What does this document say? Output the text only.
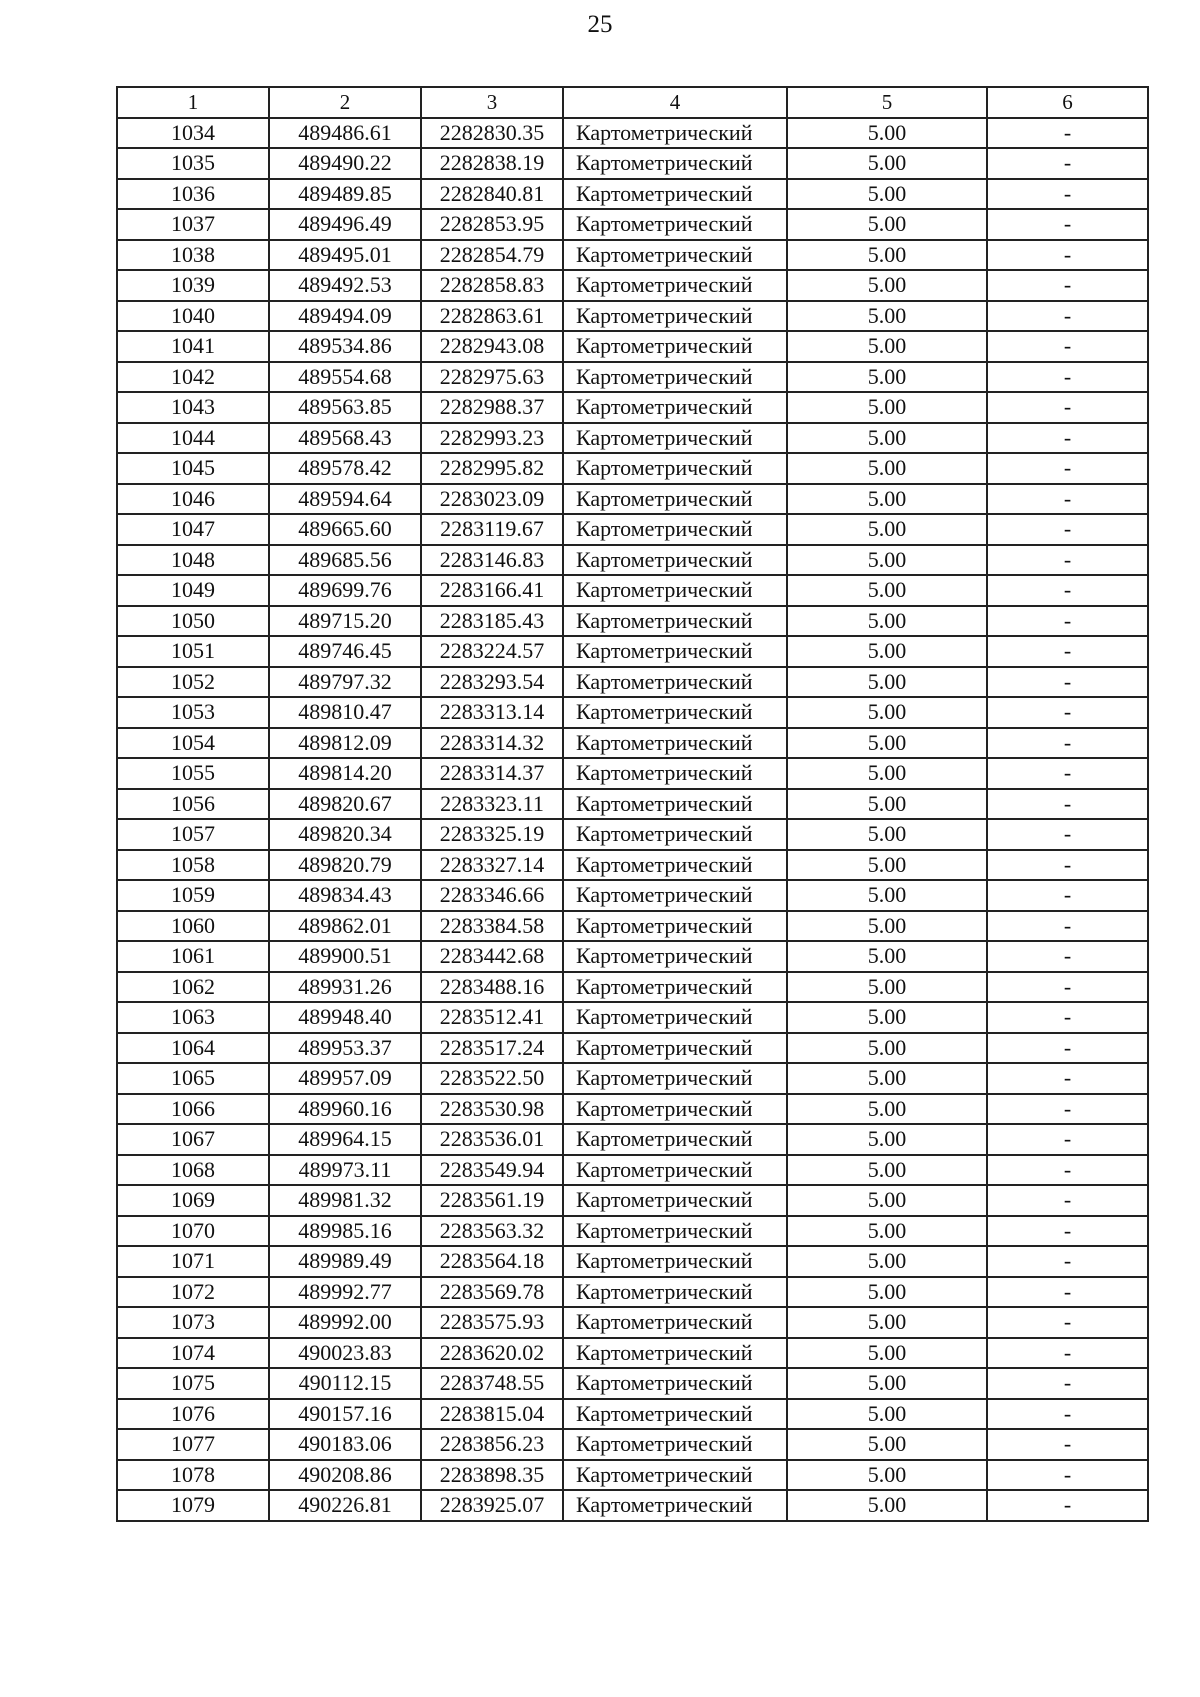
25
1	2	3	4	5	6
1034	489486.61	2282830.35	Картометрический	5.00	-
1035	489490.22	2282838.19	Картометрический	5.00	-
1036	489489.85	2282840.81	Картометрический	5.00	-
1037	489496.49	2282853.95	Картометрический	5.00	-
1038	489495.01	2282854.79	Картометрический	5.00	-
1039	489492.53	2282858.83	Картометрический	5.00	-
1040	489494.09	2282863.61	Картометрический	5.00	-
1041	489534.86	2282943.08	Картометрический	5.00	-
1042	489554.68	2282975.63	Картометрический	5.00	-
1043	489563.85	2282988.37	Картометрический	5.00	-
1044	489568.43	2282993.23	Картометрический	5.00	-
1045	489578.42	2282995.82	Картометрический	5.00	-
1046	489594.64	2283023.09	Картометрический	5.00	-
1047	489665.60	2283119.67	Картометрический	5.00	-
1048	489685.56	2283146.83	Картометрический	5.00	-
1049	489699.76	2283166.41	Картометрический	5.00	-
1050	489715.20	2283185.43	Картометрический	5.00	-
1051	489746.45	2283224.57	Картометрический	5.00	-
1052	489797.32	2283293.54	Картометрический	5.00	-
1053	489810.47	2283313.14	Картометрический	5.00	-
1054	489812.09	2283314.32	Картометрический	5.00	-
1055	489814.20	2283314.37	Картометрический	5.00	-
1056	489820.67	2283323.11	Картометрический	5.00	-
1057	489820.34	2283325.19	Картометрический	5.00	-
1058	489820.79	2283327.14	Картометрический	5.00	-
1059	489834.43	2283346.66	Картометрический	5.00	-
1060	489862.01	2283384.58	Картометрический	5.00	-
1061	489900.51	2283442.68	Картометрический	5.00	-
1062	489931.26	2283488.16	Картометрический	5.00	-
1063	489948.40	2283512.41	Картометрический	5.00	-
1064	489953.37	2283517.24	Картометрический	5.00	-
1065	489957.09	2283522.50	Картометрический	5.00	-
1066	489960.16	2283530.98	Картометрический	5.00	-
1067	489964.15	2283536.01	Картометрический	5.00	-
1068	489973.11	2283549.94	Картометрический	5.00	-
1069	489981.32	2283561.19	Картометрический	5.00	-
1070	489985.16	2283563.32	Картометрический	5.00	-
1071	489989.49	2283564.18	Картометрический	5.00	-
1072	489992.77	2283569.78	Картометрический	5.00	-
1073	489992.00	2283575.93	Картометрический	5.00	-
1074	490023.83	2283620.02	Картометрический	5.00	-
1075	490112.15	2283748.55	Картометрический	5.00	-
1076	490157.16	2283815.04	Картометрический	5.00	-
1077	490183.06	2283856.23	Картометрический	5.00	-
1078	490208.86	2283898.35	Картометрический	5.00	-
1079	490226.81	2283925.07	Картометрический	5.00	-
